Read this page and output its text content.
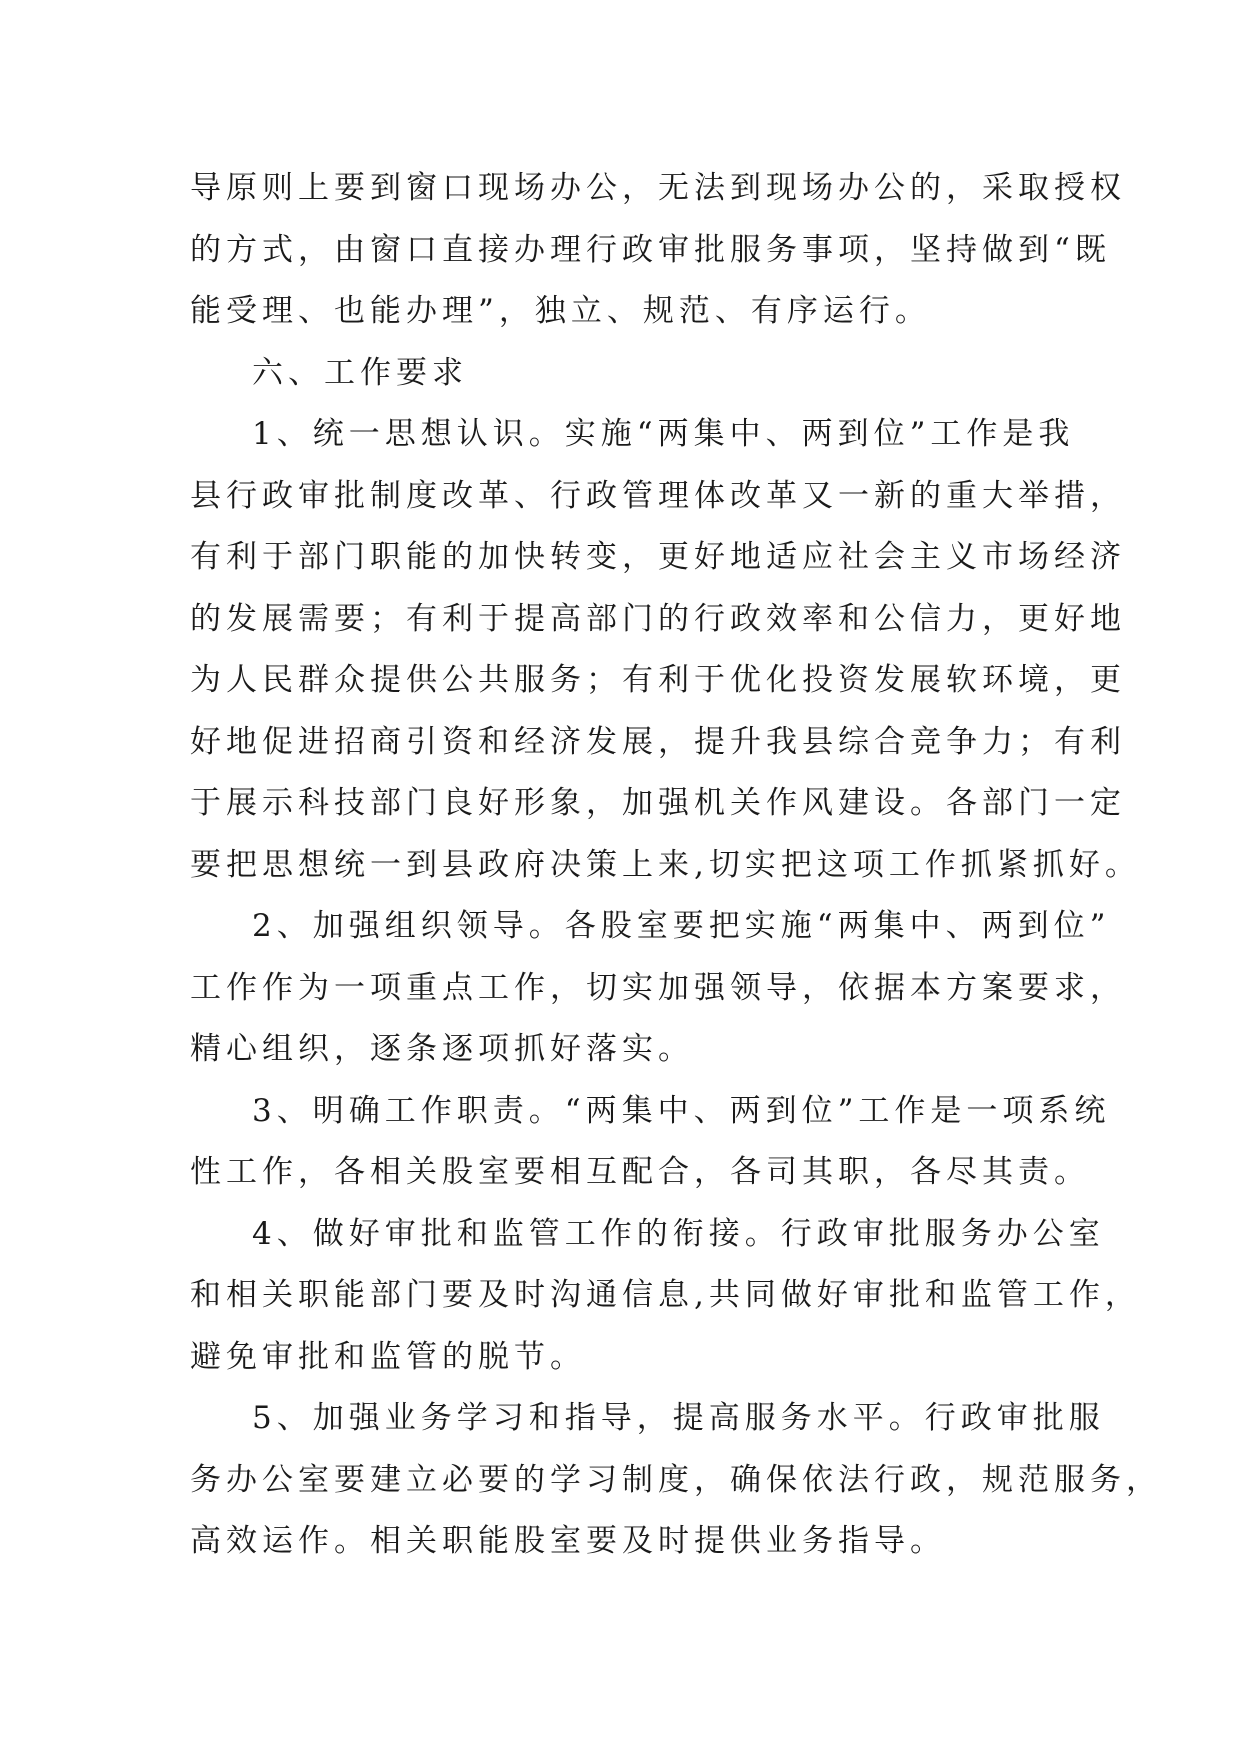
导原则上要到窗口现场办公，无法到现场办公的，采取授权
的方式，由窗口直接办理行政审批服务事项，坚持做到“既
能受理、也能办理”，独立、规范、有序运行。
六、工作要求
1、统一思想认识。实施“两集中、两到位”工作是我
县行政审批制度改革、行政管理体改革又一新的重大举措，
有利于部门职能的加快转变，更好地适应社会主义市场经济
的发展需要；有利于提高部门的行政效率和公信力，更好地
为人民群众提供公共服务；有利于优化投资发展软环境，更
好地促进招商引资和经济发展，提升我县综合竞争力；有利
于展示科技部门良好形象，加强机关作风建设。各部门一定
要把思想统一到县政府决策上来,切实把这项工作抓紧抓好。
2、加强组织领导。各股室要把实施“两集中、两到位”
工作作为一项重点工作，切实加强领导，依据本方案要求，
精心组织，逐条逐项抓好落实。
3、明确工作职责。“两集中、两到位”工作是一项系统
性工作，各相关股室要相互配合，各司其职，各尽其责。
4、做好审批和监管工作的衔接。行政审批服务办公室
和相关职能部门要及时沟通信息,共同做好审批和监管工作，
避免审批和监管的脱节。
5、加强业务学习和指导，提高服务水平。行政审批服
务办公室要建立必要的学习制度，确保依法行政，规范服务，
高效运作。相关职能股室要及时提供业务指导。
